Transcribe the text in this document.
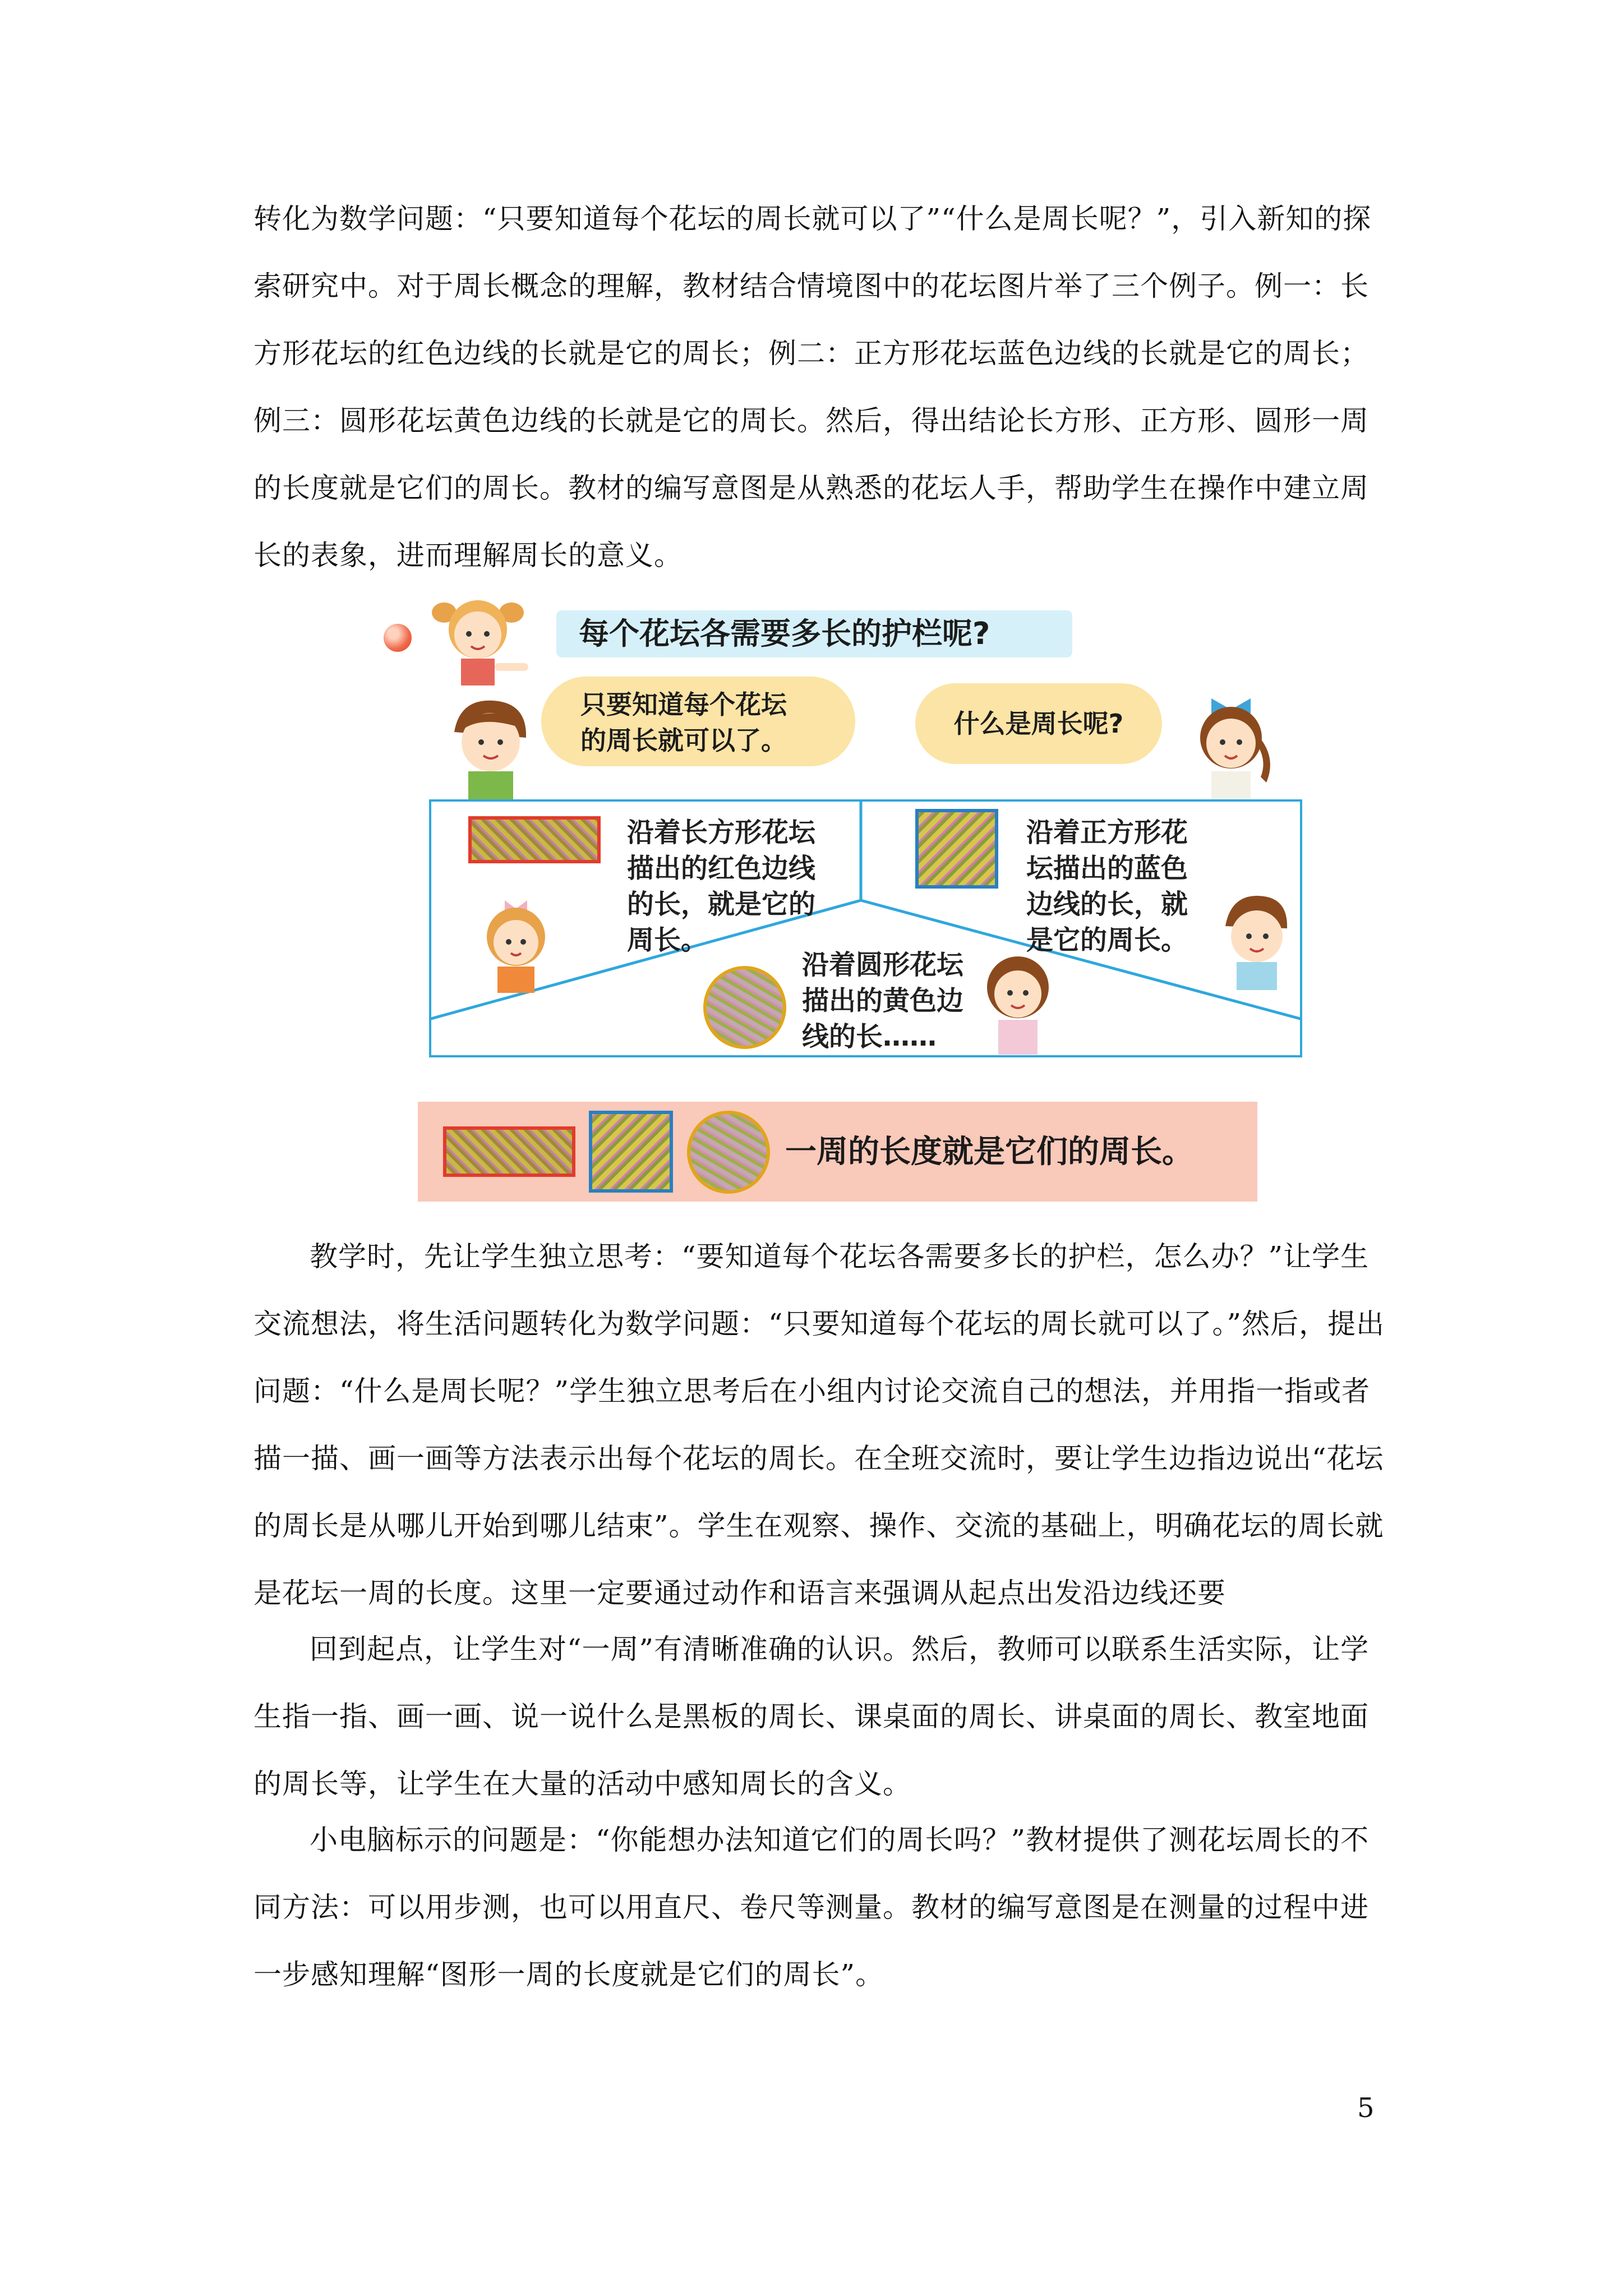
转化为数学问题：“只要知道每个花坛的周长就可以了”“什么是周长呢？”，引入新知的探索研究中。对于周长概念的理解，教材结合情境图中的花坛图片举了三个例子。例一：长方形花坛的红色边线的长就是它的周长；例二：正方形花坛蓝色边线的长就是它的周长；例三：圆形花坛黄色边线的长就是它的周长。然后，得出结论长方形、正方形、圆形一周的长度就是它们的周长。教材的编写意图是从熟悉的花坛人手，帮助学生在操作中建立周长的表象，进而理解周长的意义。

每个花坛各需要多长的护栏呢?
只要知道每个花坛
的周长就可以了。
什么是周长呢?
沿着长方形花坛
描出的红色边线
的长，就是它的
周长。
沿着正方形花
坛描出的蓝色
边线的长，就
是它的周长。
沿着圆形花坛
描出的黄色边
线的长……
一周的长度就是它们的周长。

教学时，先让学生独立思考：“要知道每个花坛各需要多长的护栏，怎么办？”让学生交流想法，将生活问题转化为数学问题：“只要知道每个花坛的周长就可以了。”然后，提出问题：“什么是周长呢？”学生独立思考后在小组内讨论交流自己的想法，并用指一指或者描一描、画一画等方法表示出每个花坛的周长。在全班交流时，要让学生边指边说出“花坛的周长是从哪儿开始到哪儿结束”。学生在观察、操作、交流的基础上，明确花坛的周长就是花坛一周的长度。这里一定要通过动作和语言来强调从起点出发沿边线还要

回到起点，让学生对“一周”有清晰准确的认识。然后，教师可以联系生活实际，让学生指一指、画一画、说一说什么是黑板的周长、课桌面的周长、讲桌面的周长、教室地面的周长等，让学生在大量的活动中感知周长的含义。

小电脑标示的问题是：“你能想办法知道它们的周长吗？”教材提供了测花坛周长的不同方法：可以用步测，也可以用直尺、卷尺等测量。教材的编写意图是在测量的过程中进一步感知理解“图形一周的长度就是它们的周长”。

5
